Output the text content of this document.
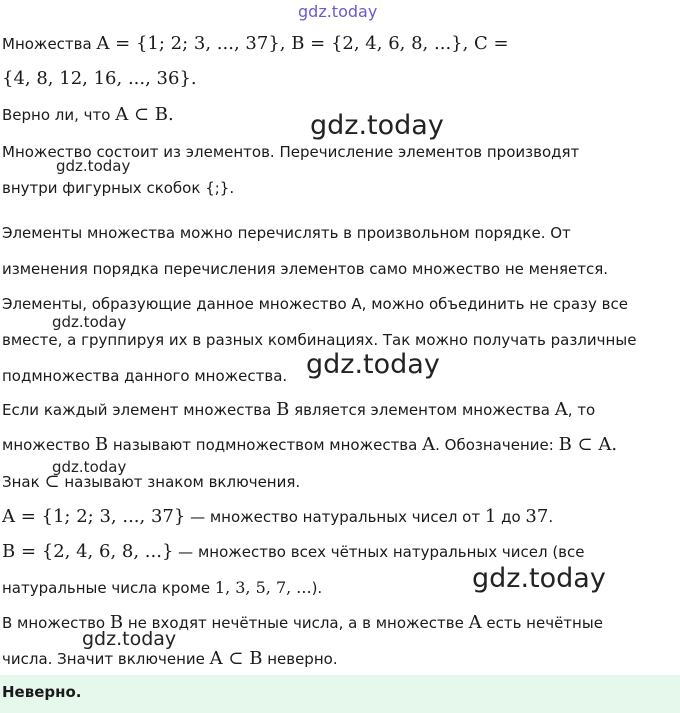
gdz.today
Множества A = {1; 2; 3, ..., 37}, B = {2, 4, 6, 8, ...}, C =
{4, 8, 12, 16, ..., 36}.
Верно ли, что A ⊂ B.	gdz.today
Множество состоит из элементов. Перечисление элементов производят
gdz.today
внутри фигурных скобок {;}.
Элементы множества можно перечислять в произвольном порядке. От
изменения порядка перечисления элементов само множество не меняется.
Элементы, образующие данное множество А, можно объединить не сразу все
gdz.today
вместе, а группируя их в разных комбинациях. Так можно получать различные
подмножества данного множества. gdz.today
Если каждый элемент множества B является элементом множества A, то
множество B называют подмножеством множества A. Обозначение: B ⊂ A.
gdz.today
Знак ⊂ называют знаком включения.
A = {1; 2; 3, ..., 37} — множество натуральных чисел от 1 до 37.
B = {2, 4, 6, 8, ...} — множество всех чётных натуральных чисел (все
натуральные числа кроме 1, 3, 5, 7, ...).	gdz.today
В множество B не входят нечётные числа, а в множестве A есть нечётные
gdz.today
числа. Значит включение A ⊂ B неверно.
Неверно.
